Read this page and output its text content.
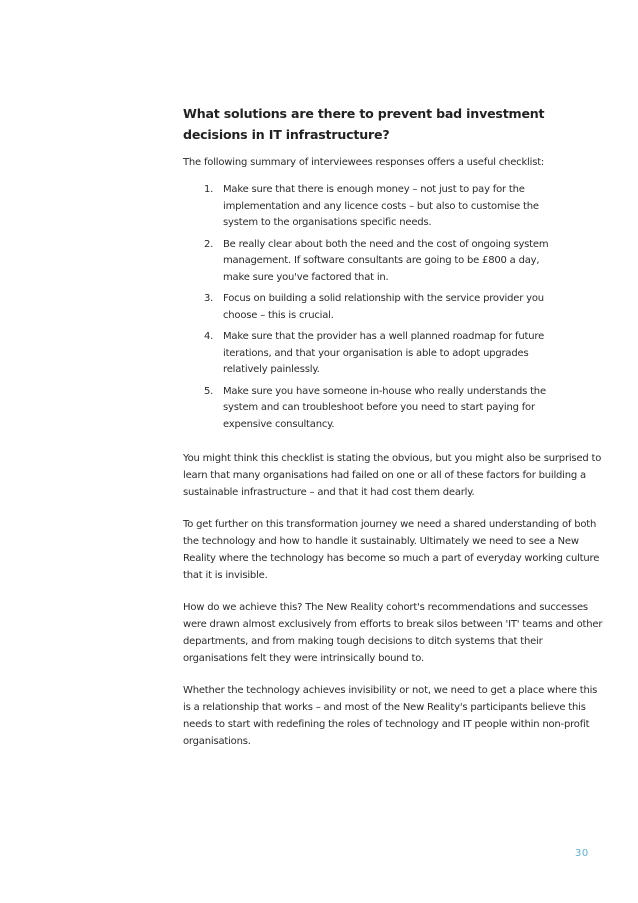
What solutions are there to prevent bad investment decisions in IT infrastructure?

The following summary of interviewees responses offers a useful checklist:

1. Make sure that there is enough money – not just to pay for the implementation and any licence costs – but also to customise the system to the organisations specific needs.
2. Be really clear about both the need and the cost of ongoing system management. If software consultants are going to be £800 a day, make sure you've factored that in.
3. Focus on building a solid relationship with the service provider you choose – this is crucial.
4. Make sure that the provider has a well planned roadmap for future iterations, and that your organisation is able to adopt upgrades relatively painlessly.
5. Make sure you have someone in-house who really understands the system and can troubleshoot before you need to start paying for expensive consultancy.

You might think this checklist is stating the obvious, but you might also be surprised to learn that many organisations had failed on one or all of these factors for building a sustainable infrastructure – and that it had cost them dearly.

To get further on this transformation journey we need a shared understanding of both the technology and how to handle it sustainably. Ultimately we need to see a New Reality where the technology has become so much a part of everyday working culture that it is invisible.

How do we achieve this? The New Reality cohort's recommendations and successes were drawn almost exclusively from efforts to break silos between 'IT' teams and other departments, and from making tough decisions to ditch systems that their organisations felt they were intrinsically bound to.

Whether the technology achieves invisibility or not, we need to get a place where this is a relationship that works – and most of the New Reality's participants believe this needs to start with redefining the roles of technology and IT people within non-profit organisations.

30
